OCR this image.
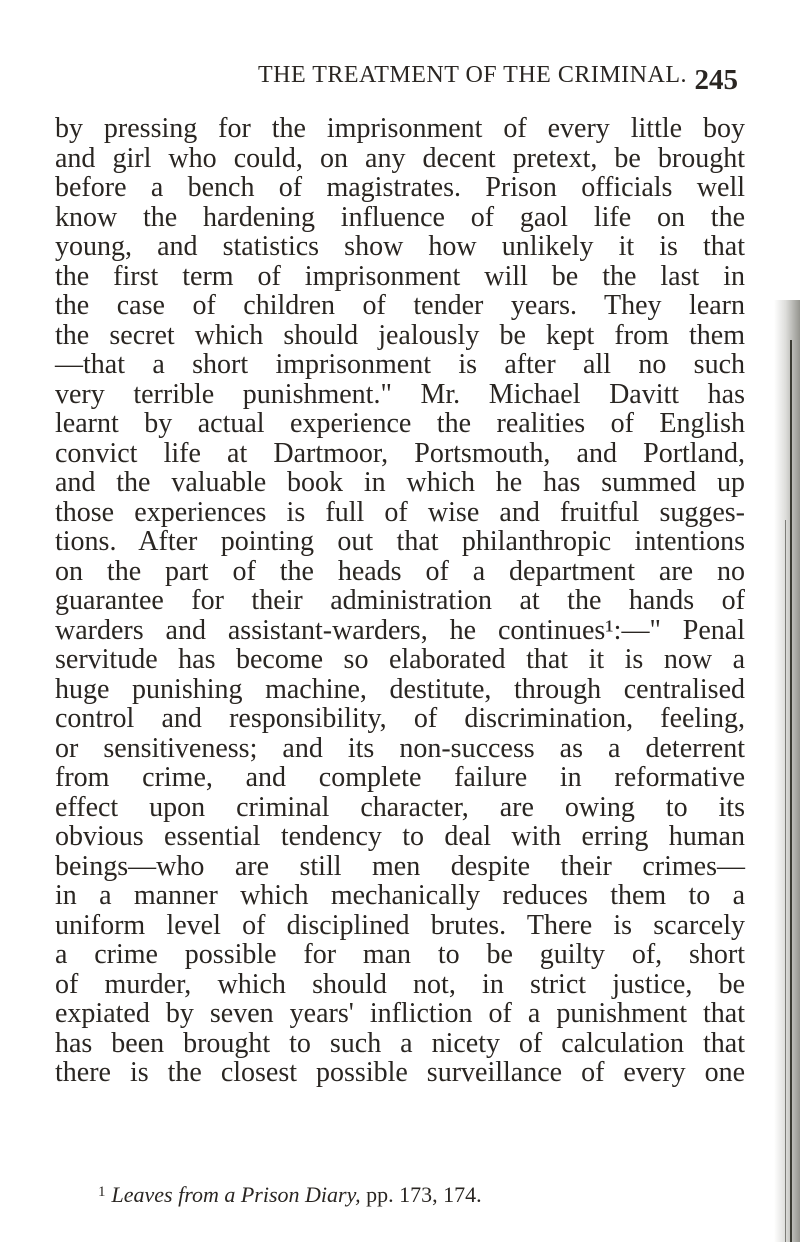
THE TREATMENT OF THE CRIMINAL. 245
by pressing for the imprisonment of every little boy
and girl who could, on any decent pretext, be brought
before a bench of magistrates. Prison officials well
know the hardening influence of gaol life on the
young, and statistics show how unlikely it is that
the first term of imprisonment will be the last in
the case of children of tender years. They learn
the secret which should jealously be kept from them
—that a short imprisonment is after all no such
very terrible punishment." Mr. Michael Davitt has
learnt by actual experience the realities of English
convict life at Dartmoor, Portsmouth, and Portland,
and the valuable book in which he has summed up
those experiences is full of wise and fruitful sugges-
tions. After pointing out that philanthropic intentions
on the part of the heads of a department are no
guarantee for their administration at the hands of
warders and assistant-warders, he continues¹:—" Penal
servitude has become so elaborated that it is now a
huge punishing machine, destitute, through centralised
control and responsibility, of discrimination, feeling,
or sensitiveness; and its non-success as a deterrent
from crime, and complete failure in reformative
effect upon criminal character, are owing to its
obvious essential tendency to deal with erring human
beings—who are still men despite their crimes—
in a manner which mechanically reduces them to a
uniform level of disciplined brutes. There is scarcely
a crime possible for man to be guilty of, short
of murder, which should not, in strict justice, be
expiated by seven years' infliction of a punishment that
has been brought to such a nicety of calculation that
there is the closest possible surveillance of every one
$^1$ Leaves from a Prison Diary, pp. 173, 174.
